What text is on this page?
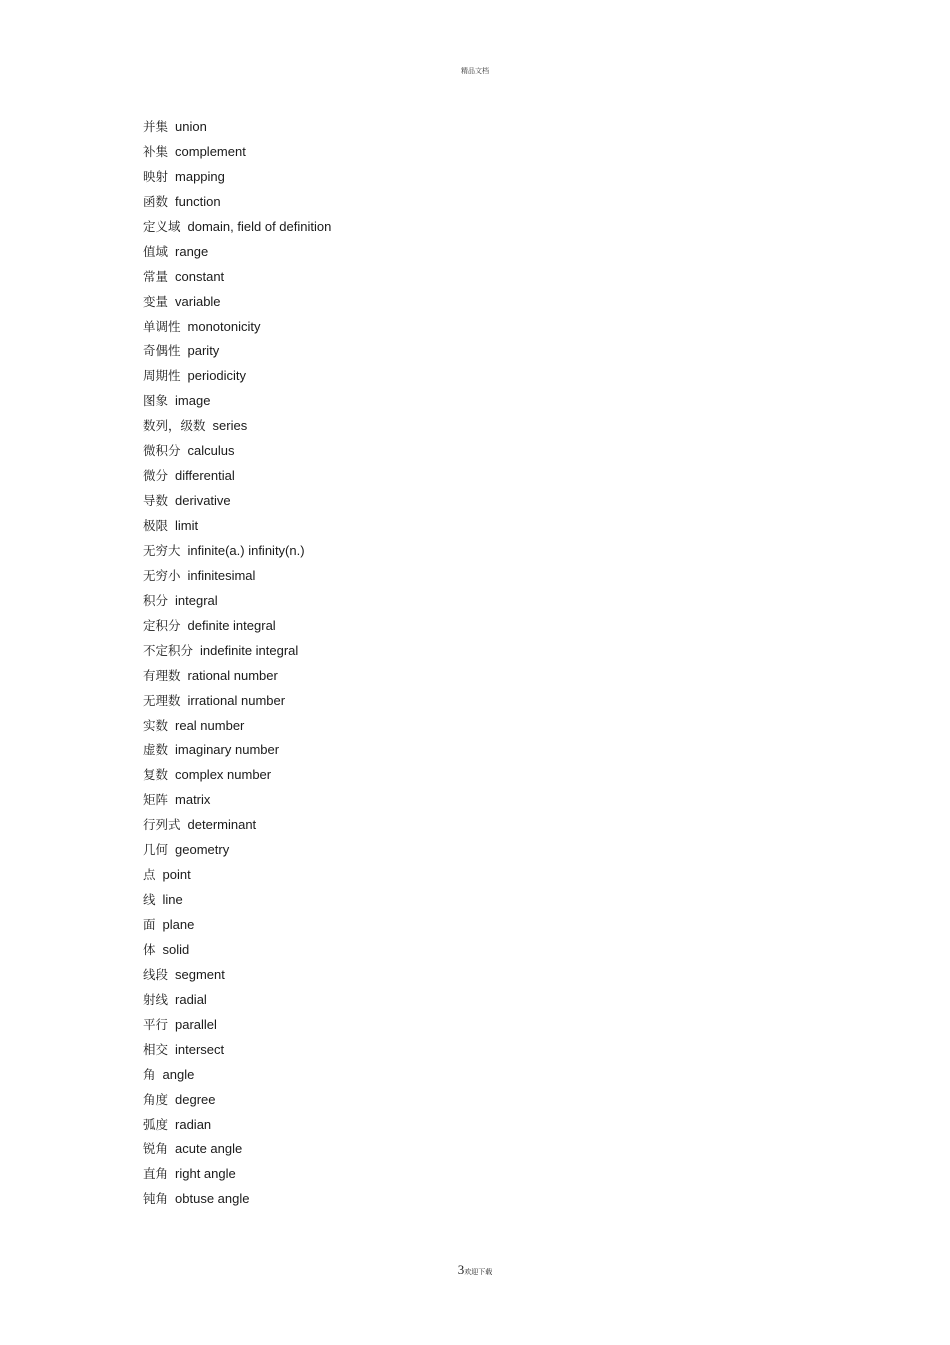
精品文档
并集 union
补集 complement
映射 mapping
函数 function
定义域 domain, field of definition
值域 range
常量 constant
变量 variable
单调性 monotonicity
奇偶性 parity
周期性 periodicity
图象 image
数列，级数 series
微积分 calculus
微分 differential
导数 derivative
极限 limit
无穷大 infinite(a.) infinity(n.)
无穷小 infinitesimal
积分 integral
定积分 definite integral
不定积分 indefinite integral
有理数 rational number
无理数 irrational number
实数 real number
虚数 imaginary number
复数 complex number
矩阵 matrix
行列式 determinant
几何 geometry
点 point
线 line
面 plane
体 solid
线段 segment
射线 radial
平行 parallel
相交 intersect
角 angle
角度 degree
弧度 radian
锐角 acute angle
直角 right angle
钝角 obtuse angle
3欢迎下载
